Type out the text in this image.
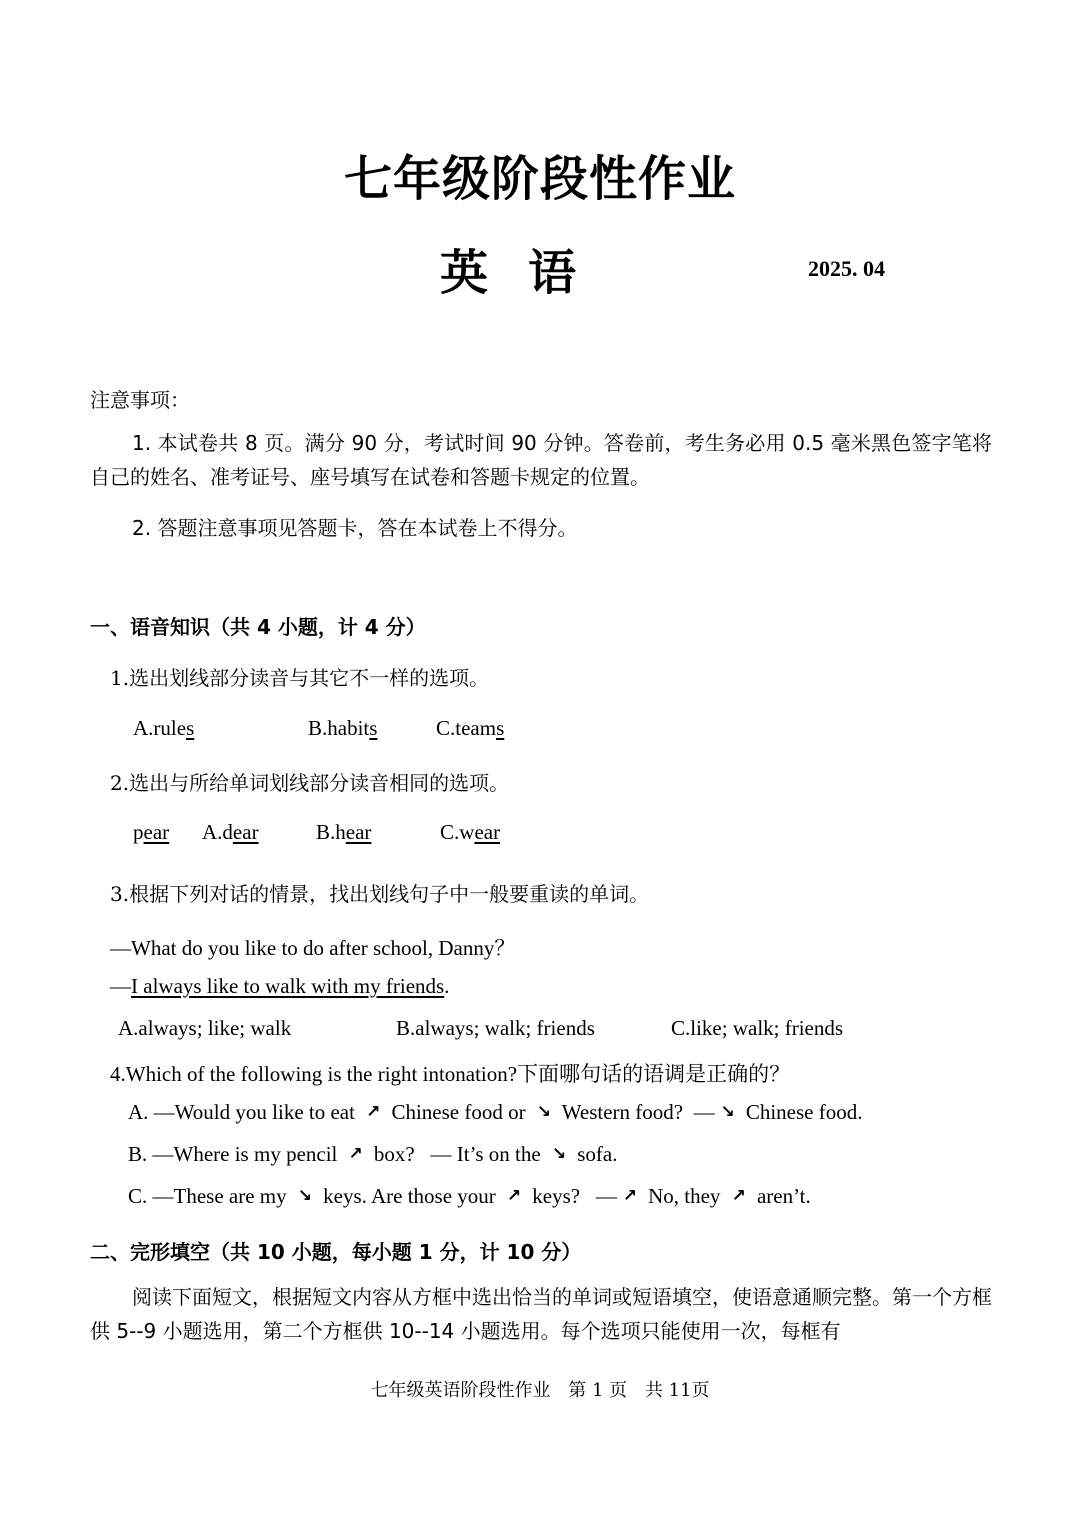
七年级阶段性作业
英语	2025. 04
注意事项：
1. 本试卷共 8 页。满分 90 分，考试时间 90 分钟。答卷前，考生务必用 0.5 毫米黑色签字笔将自己的姓名、准考证号、座号填写在试卷和答题卡规定的位置。
2. 答题注意事项见答题卡，答在本试卷上不得分。
一、语音知识（共 4 小题，计 4 分）
1.选出划线部分读音与其它不一样的选项。
A.rules	B.habits	C.teams
2.选出与所给单词划线部分读音相同的选项。
pear A.dear	B.hear	C.wear
3.根据下列对话的情景，找出划线句子中一般要重读的单词。
—What do you like to do after school, Danny？
—I always like to walk with my friends.
A.always; like; walk	B.always; walk; friends	C.like; walk; friends
4.Which of the following is the right intonation?下面哪句话的语调是正确的？
A. —Would you like to eat ↗ Chinese food or ↘ Western food? — ↘ Chinese food.
B. —Where is my pencil ↗ box? — It’s on the ↘ sofa.
C. —These are my ↘ keys. Are those your ↗ keys? — ↗ No, they ↗ aren’t.
二、完形填空（共 10 小题，每小题 1 分，计 10 分）
阅读下面短文，根据短文内容从方框中选出恰当的单词或短语填空，使语意通顺完整。第一个方框供 5--9 小题选用，第二个方框供 10--14 小题选用。每个选项只能使用一次，每框有
七年级英语阶段性作业 第 1 页 共 11页
